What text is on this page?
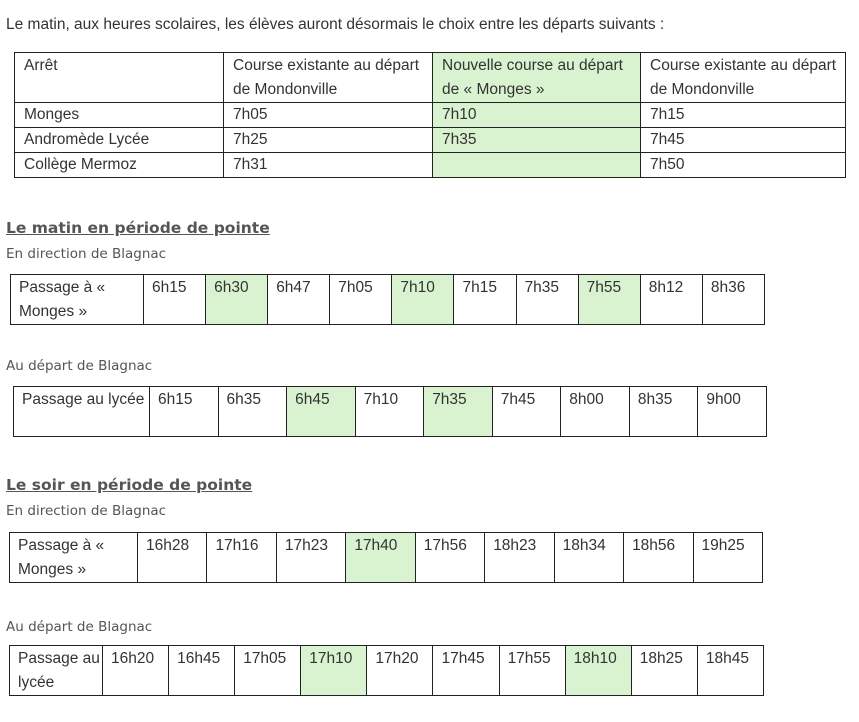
Le matin, aux heures scolaires, les élèves auront désormais le choix entre les départs suivants :
Arrêt	Course existante au départ de Mondonville	Nouvelle course au départ de « Monges »	Course existante au départ de Mondonville
Monges	7h05	7h10	7h15
Andromède Lycée	7h25	7h35	7h45
Collège Mermoz	7h31		7h50
Le matin en période de pointe
En direction de Blagnac
Passage à « Monges »	6h15	6h30	6h47	7h05	7h10	7h15	7h35	7h55	8h12	8h36
Au départ de Blagnac
Passage au lycée	6h15	6h35	6h45	7h10	7h35	7h45	8h00	8h35	9h00
Le soir en période de pointe
En direction de Blagnac
Passage à « Monges »	16h28	17h16	17h23	17h40	17h56	18h23	18h34	18h56	19h25
Au départ de Blagnac
Passage au lycée	16h20	16h45	17h05	17h10	17h20	17h45	17h55	18h10	18h25	18h45
